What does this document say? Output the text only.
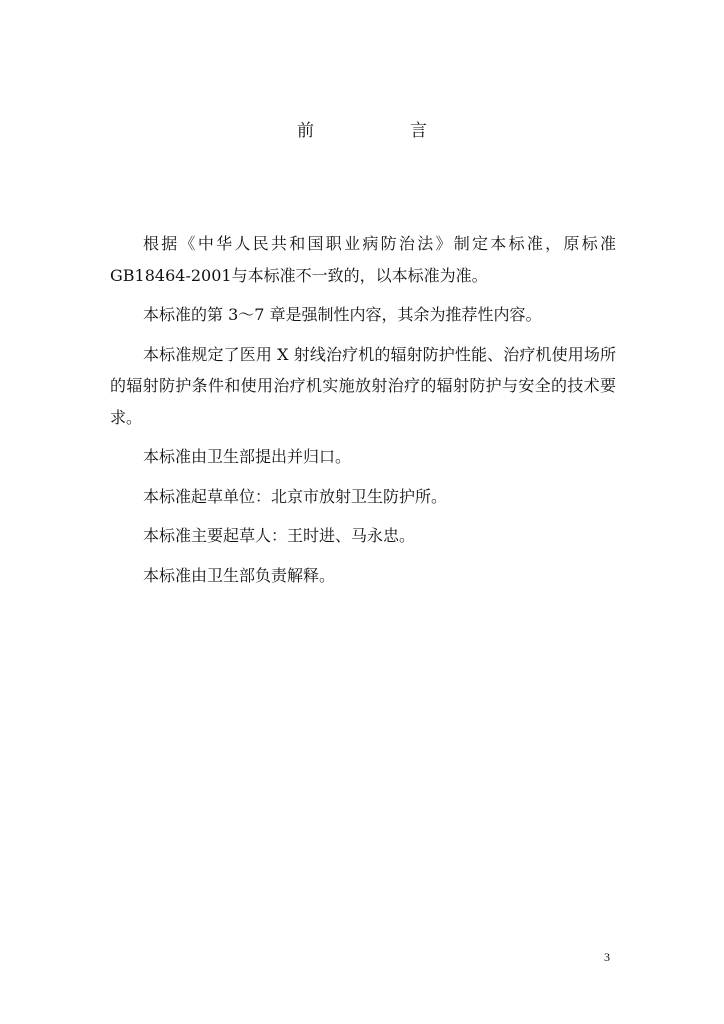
前	言

根据《中华人民共和国职业病防治法》制定本标准，原标准GB18464-2001与本标准不一致的，以本标准为准。

本标准的第 3～7 章是强制性内容，其余为推荐性内容。

本标准规定了医用 X 射线治疗机的辐射防护性能、治疗机使用场所的辐射防护条件和使用治疗机实施放射治疗的辐射防护与安全的技术要求。

本标准由卫生部提出并归口。

本标准起草单位：北京市放射卫生防护所。

本标准主要起草人：王时进、马永忠。

本标准由卫生部负责解释。

3
